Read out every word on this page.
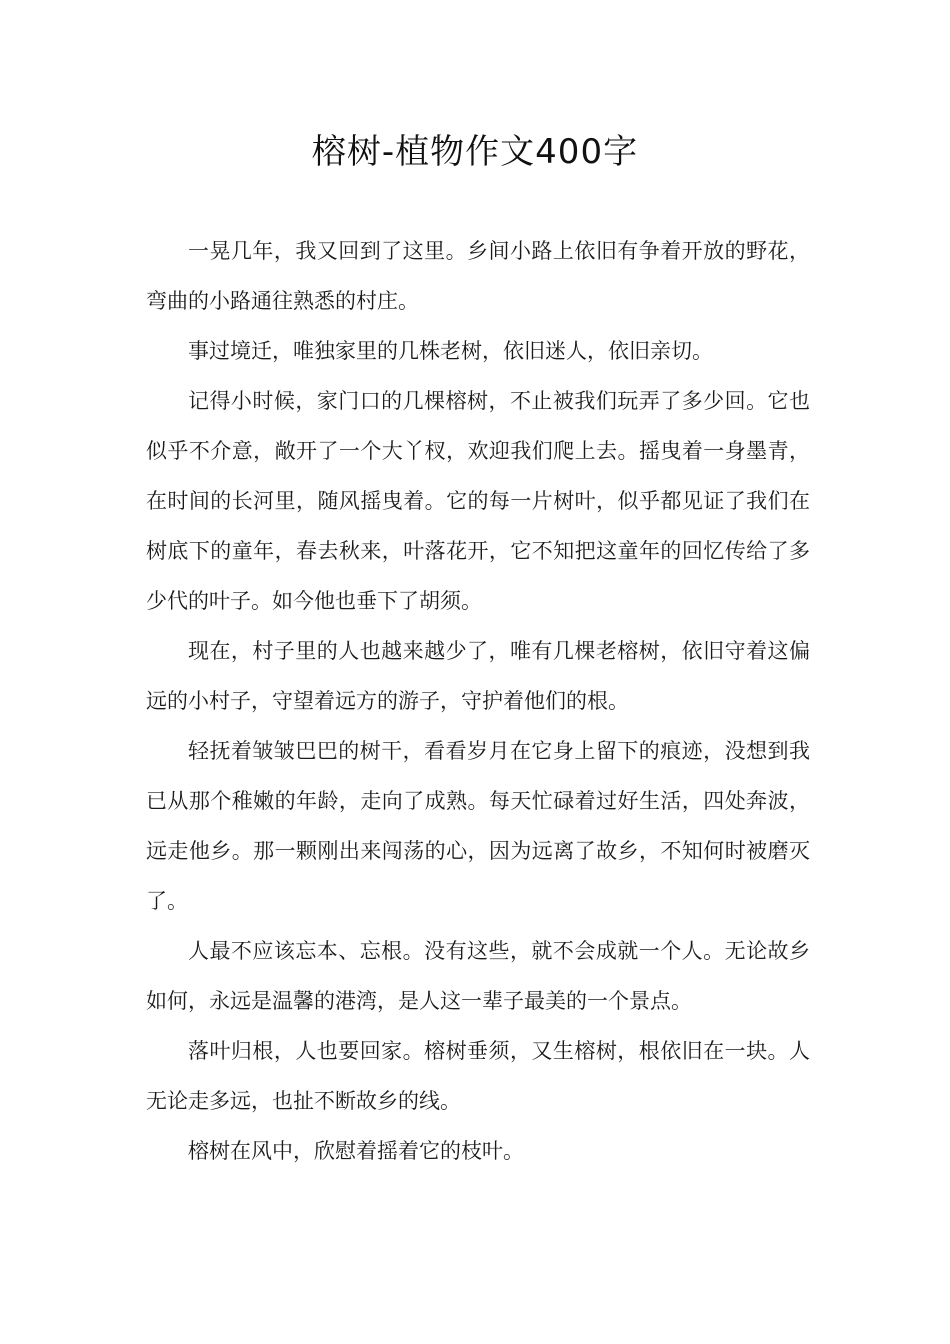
榕树-植物作文400字

一晃几年，我又回到了这里。乡间小路上依旧有争着开放的野花，弯曲的小路通往熟悉的村庄。

事过境迁，唯独家里的几株老树，依旧迷人，依旧亲切。

记得小时候，家门口的几棵榕树，不止被我们玩弄了多少回。它也似乎不介意，敞开了一个大丫杈，欢迎我们爬上去。摇曳着一身墨青，在时间的长河里，随风摇曳着。它的每一片树叶，似乎都见证了我们在树底下的童年，春去秋来，叶落花开，它不知把这童年的回忆传给了多少代的叶子。如今他也垂下了胡须。

现在，村子里的人也越来越少了，唯有几棵老榕树，依旧守着这偏远的小村子，守望着远方的游子，守护着他们的根。

轻抚着皱皱巴巴的树干，看看岁月在它身上留下的痕迹，没想到我已从那个稚嫩的年龄，走向了成熟。每天忙碌着过好生活，四处奔波，远走他乡。那一颗刚出来闯荡的心，因为远离了故乡，不知何时被磨灭了。

人最不应该忘本、忘根。没有这些，就不会成就一个人。无论故乡如何，永远是温馨的港湾，是人这一辈子最美的一个景点。

落叶归根，人也要回家。榕树垂须，又生榕树，根依旧在一块。人无论走多远，也扯不断故乡的线。

榕树在风中，欣慰着摇着它的枝叶。
